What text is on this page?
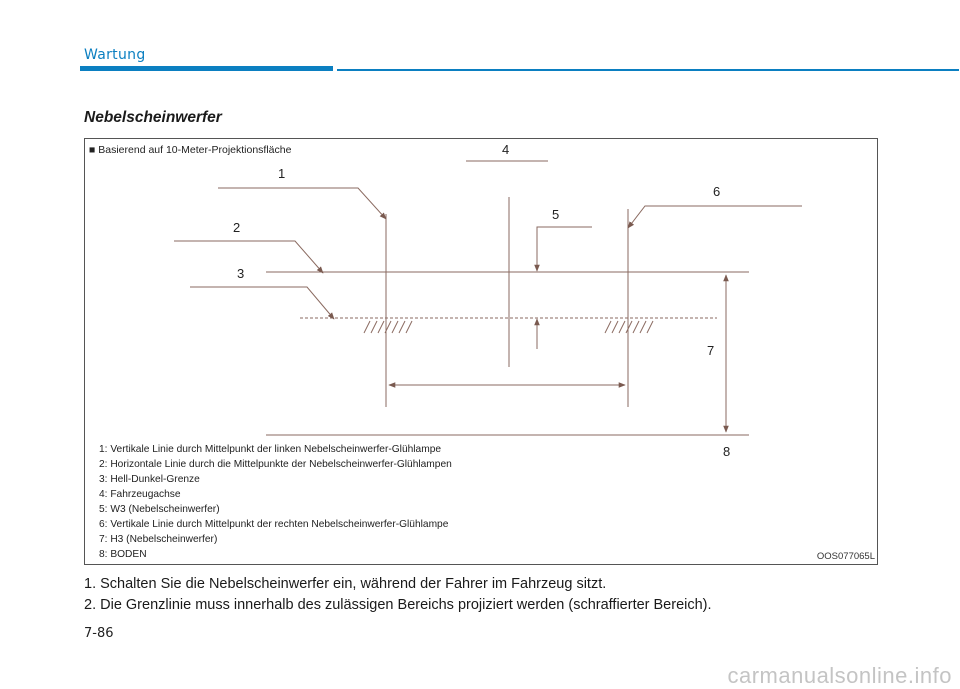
Wartung
Nebelscheinwerfer
1
2
3
4
5
6
7
8
■ Basierend auf 10-Meter-Projektionsfläche
1: Vertikale Linie durch Mittelpunkt der linken Nebelscheinwerfer-Glühlampe
2: Horizontale Linie durch die Mittelpunkte der Nebelscheinwerfer-Glühlampen
3: Hell-Dunkel-Grenze
4: Fahrzeugachse
5: W3 (Nebelscheinwerfer)
6: Vertikale Linie durch Mittelpunkt der rechten Nebelscheinwerfer-Glühlampe
7: H3 (Nebelscheinwerfer)
8: BODEN	OOS077065L
1. Schalten Sie die Nebelscheinwerfer ein, während der Fahrer im Fahrzeug sitzt.
2. Die Grenzlinie muss innerhalb des zulässigen Bereichs projiziert werden (schraffierter Bereich).
7-86
carmanualsonline.info
